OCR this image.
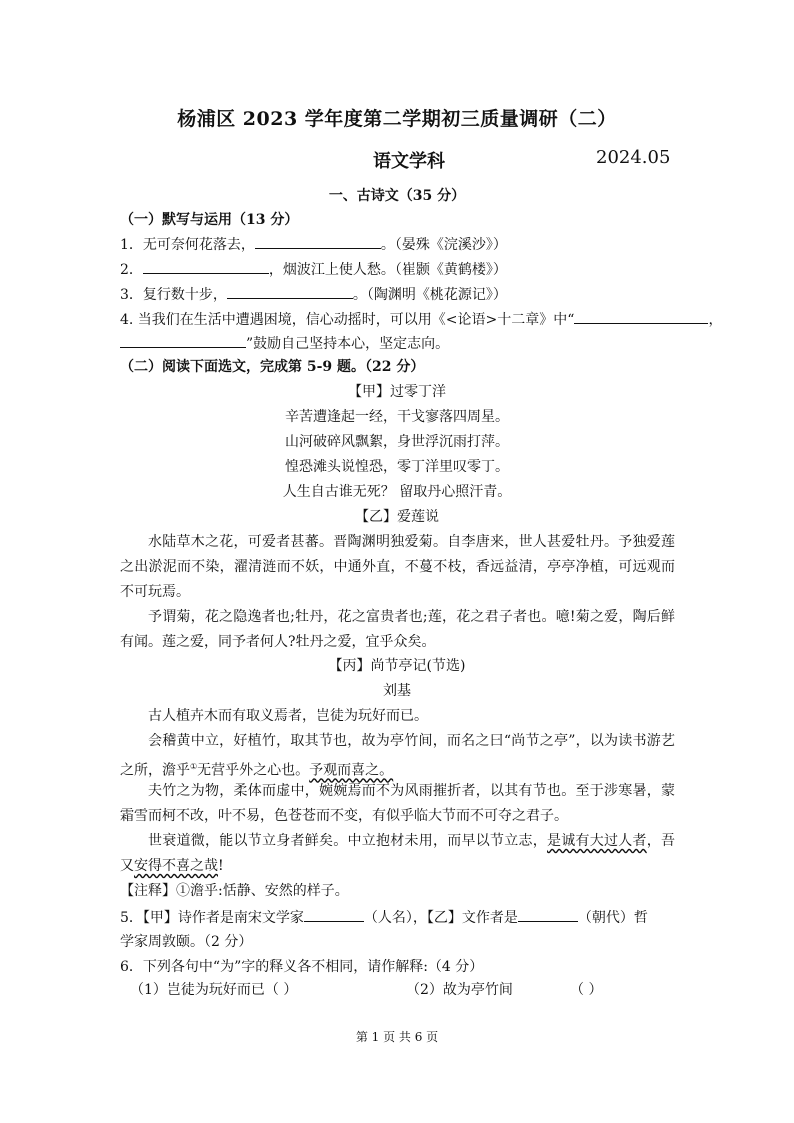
杨浦区 2023 学年度第二学期初三质量调研（二）
语文学科	2024.05
一、古诗文（35 分）
（一）默写与运用（13 分）
1．无可奈何花落去，	。（晏殊《浣溪沙》）
2．	，烟波江上使人愁。（崔颢《黄鹤楼》）
3．复行数十步，	。（陶渊明《桃花源记》）
4. 当我们在生活中遭遇困境，信心动摇时，可以用《<论语>十二章》中“	，
”鼓励自己坚持本心，坚定志向。
（二）阅读下面选文，完成第 5-9 题。（22 分）
【甲】过零丁洋
辛苦遭逢起一经，干戈寥落四周星。
山河破碎风飘絮，身世浮沉雨打萍。
惶恐滩头说惶恐，零丁洋里叹零丁。
人生自古谁无死？ 留取丹心照汗青。
【乙】爱莲说
水陆草木之花，可爱者甚蕃。晋陶渊明独爱菊。自李唐来，世人甚爱牡丹。予独爱莲之出淤泥而不染，濯清涟而不妖，中通外直，不蔓不枝，香远益清，亭亭净植，可远观而不可玩焉。
予谓菊，花之隐逸者也;牡丹，花之富贵者也;莲，花之君子者也。噫!菊之爱，陶后鲜有闻。莲之爱，同予者何人?牡丹之爱，宜乎众矣。
【丙】尚节亭记(节选)
刘基
古人植卉木而有取义焉者，岂徒为玩好而已。
会稽黄中立，好植竹，取其节也，故为亭竹间，而名之曰“尚节之亭”，以为读书游艺之所，澹乎①无营乎外之心也。予观而喜之。
夫竹之为物，柔体而虚中，婉婉焉而不为风雨摧折者，以其有节也。至于涉寒暑，蒙霜雪而柯不改，叶不易，色苍苍而不变，有似乎临大节而不可夺之君子。
世衰道微，能以节立身者鲜矣。中立抱材未用，而早以节立志，是诚有大过人者，吾又安得不喜之哉!
【注释】①澹乎:恬静、安然的样子。
5．【甲】诗作者是南宋文学家	（人名），【乙】文作者是	（朝代）哲
学家周敦颐。（2 分）
6．下列各句中“为”字的释义各不相同，请作解释:（4 分）
（1）岂徒为玩好而已（ ）	（2）故为亭竹间	（ ）
第 1 页 共 6 页
